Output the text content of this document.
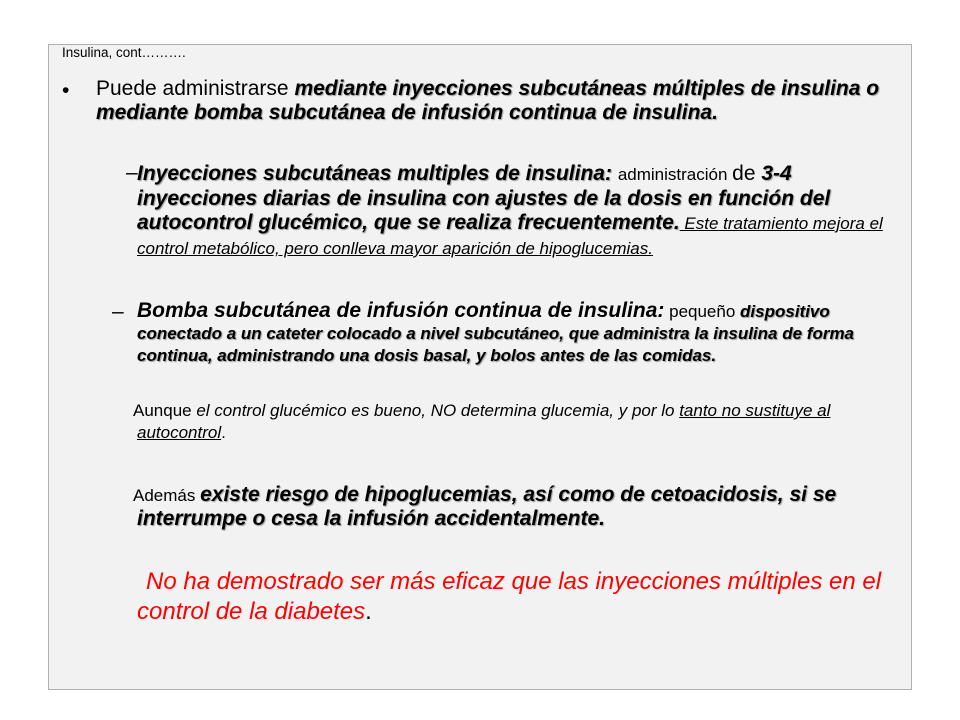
Insulina, cont……….
• Puede administrarse mediante inyecciones subcutáneas múltiples de insulina o mediante bomba subcutánea de infusión continua de insulina.

– Inyecciones subcutáneas multiples de insulina: administración de 3-4 inyecciones diarias de insulina con ajustes de la dosis en función del autocontrol glucémico, que se realiza frecuentemente. Este tratamiento mejora el control metabólico, pero conlleva mayor aparición de hipoglucemias.

– Bomba subcutánea de infusión continua de insulina: pequeño dispositivo conectado a un cateter colocado a nivel subcutáneo, que administra la insulina de forma continua, administrando una dosis basal, y bolos antes de las comidas.

Aunque el control glucémico es bueno, NO determina glucemia, y por lo tanto no sustituye al autocontrol.

Además existe riesgo de hipoglucemias, así como de cetoacidosis, si se interrumpe o cesa la infusión accidentalmente.

No ha demostrado ser más eficaz que las inyecciones múltiples en el control de la diabetes.
